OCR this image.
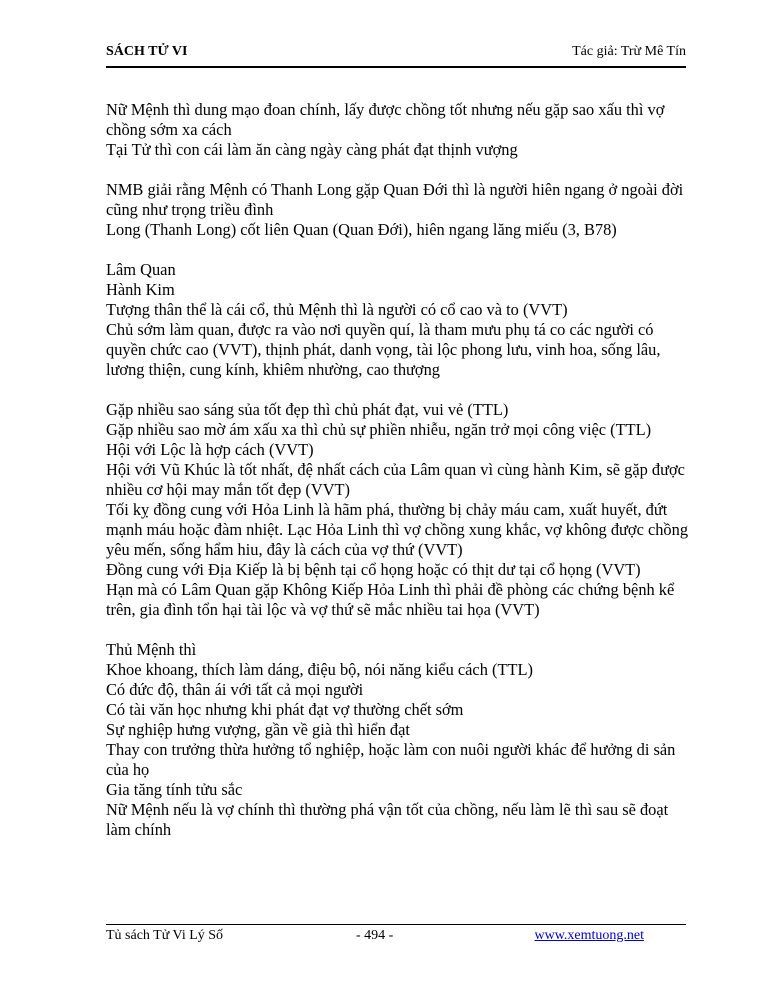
SÁCH TỬ VI	Tác giả: Trừ Mê Tín

Nữ Mệnh thì dung mạo đoan chính, lấy được chồng tốt nhưng nếu gặp sao xấu thì vợ chồng sớm xa cách

Tại Tử thì con cái làm ăn càng ngày càng phát đạt thịnh vượng

NMB giải rằng Mệnh có Thanh Long gặp Quan Đới thì là người hiên ngang ở ngoài đời cũng như trọng triều đình

Long (Thanh Long) cốt liên Quan (Quan Đới), hiên ngang lăng miếu (3, B78)

Lâm Quan

Hành Kim

Tượng thân thể là cái cổ, thủ Mệnh thì là người có cổ cao và to (VVT)

Chủ sớm làm quan, được ra vào nơi quyền quí, là tham mưu phụ tá co các người có quyền chức cao (VVT), thịnh phát, danh vọng, tài lộc phong lưu, vinh hoa, sống lâu, lương thiện, cung kính, khiêm nhường, cao thượng

Gặp nhiều sao sáng sủa tốt đẹp thì chủ phát đạt, vui vẻ (TTL)

Gặp nhiều sao mờ ám xấu xa thì chủ sự phiền nhiễu, ngăn trở mọi công việc (TTL)

Hội với Lộc là hợp cách (VVT)

Hội với Vũ Khúc là tốt nhất, đệ nhất cách của Lâm quan vì cùng hành Kim, sẽ gặp được nhiều cơ hội may mắn tốt đẹp (VVT)

Tối kỵ đồng cung với Hỏa Linh là hãm phá, thường bị chảy máu cam, xuất huyết, đứt mạnh máu hoặc đàm nhiệt. Lạc Hỏa Linh thì vợ chồng xung khắc, vợ không được chồng yêu mến, sống hẩm hiu, đây là cách của vợ thứ (VVT)

Đồng cung với Địa Kiếp là bị bệnh tại cổ họng hoặc có thịt dư tại cổ họng (VVT)

Hạn mà có Lâm Quan gặp Không Kiếp Hỏa Linh thì phải đề phòng các chứng bệnh kể trên, gia đình tổn hại tài lộc và vợ thứ sẽ mắc nhiều tai họa (VVT)

Thủ Mệnh thì

Khoe khoang, thích làm dáng, điệu bộ, nói năng kiểu cách (TTL)

Có đức độ, thân ái với tất cả mọi người

Có tài văn học nhưng khi phát đạt vợ thường chết sớm

Sự nghiệp hưng vượng, gần về già thì hiển đạt

Thay con trưởng thừa hưởng tổ nghiệp, hoặc làm con nuôi người khác để hưởng di sản của họ

Gia tăng tính tửu sắc

Nữ Mệnh nếu là vợ chính thì thường phá vận tốt của chồng, nếu làm lẽ thì sau sẽ đoạt làm chính

Tủ sách Tử Vi Lý Số	- 494 -	www.xemtuong.net
